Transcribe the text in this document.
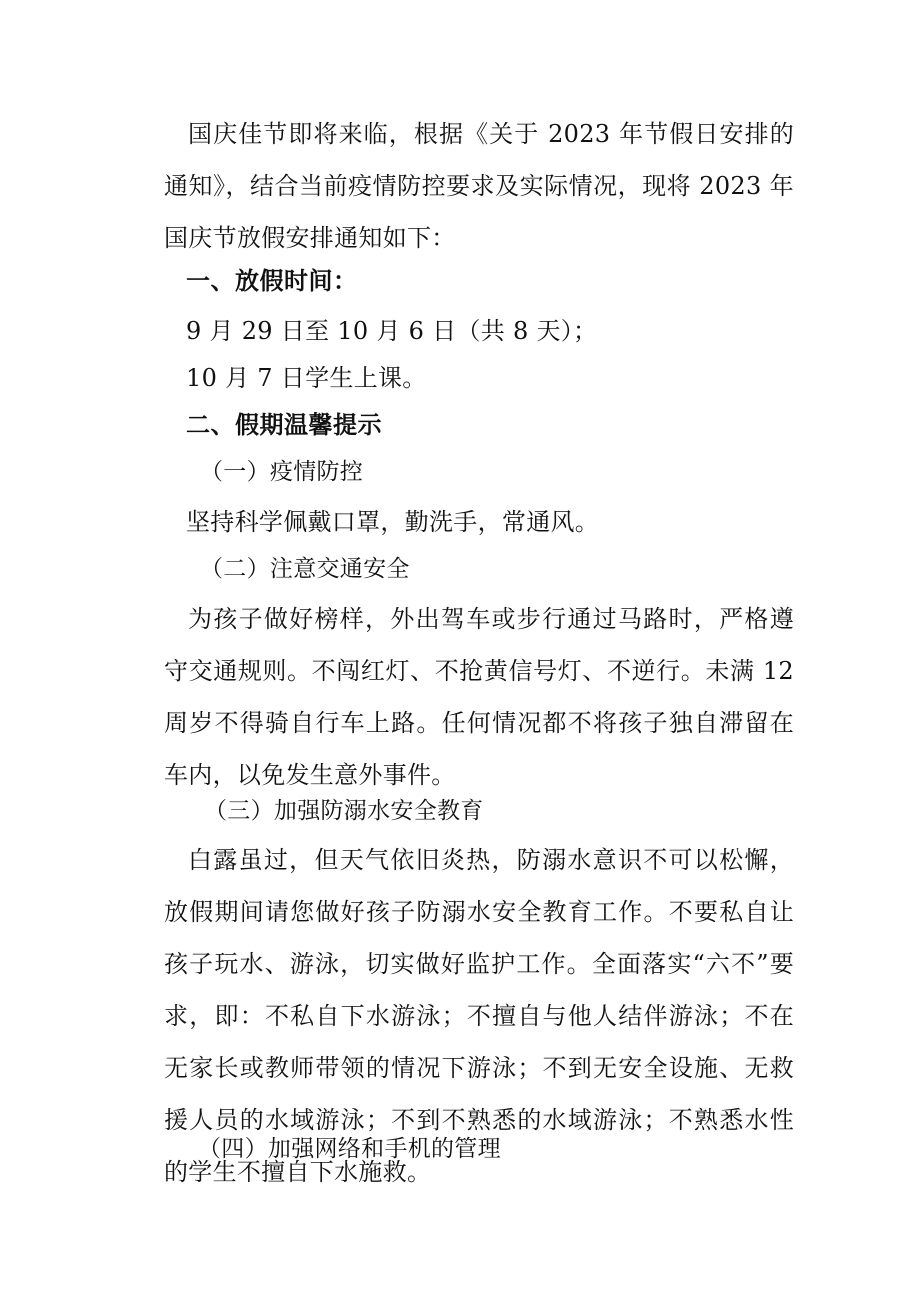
国庆佳节即将来临，根据《关于 2023 年节假日安排的通知》，结合当前疫情防控要求及实际情况，现将 2023 年国庆节放假安排通知如下：

一、放假时间：

9 月 29 日至 10 月 6 日（共 8 天）；

10 月 7 日学生上课。

二、假期温馨提示

（一）疫情防控

坚持科学佩戴口罩，勤洗手，常通风。

（二）注意交通安全

为孩子做好榜样，外出驾车或步行通过马路时，严格遵守交通规则。不闯红灯、不抢黄信号灯、不逆行。未满 12 周岁不得骑自行车上路。任何情况都不将孩子独自滞留在车内，以免发生意外事件。

（三）加强防溺水安全教育

白露虽过，但天气依旧炎热，防溺水意识不可以松懈，放假期间请您做好孩子防溺水安全教育工作。不要私自让孩子玩水、游泳，切实做好监护工作。全面落实“六不”要求，即：不私自下水游泳；不擅自与他人结伴游泳；不在无家长或教师带领的情况下游泳；不到无安全设施、无救援人员的水域游泳；不到不熟悉的水域游泳；不熟悉水性的学生不擅自下水施救。

（四）加强网络和手机的管理
